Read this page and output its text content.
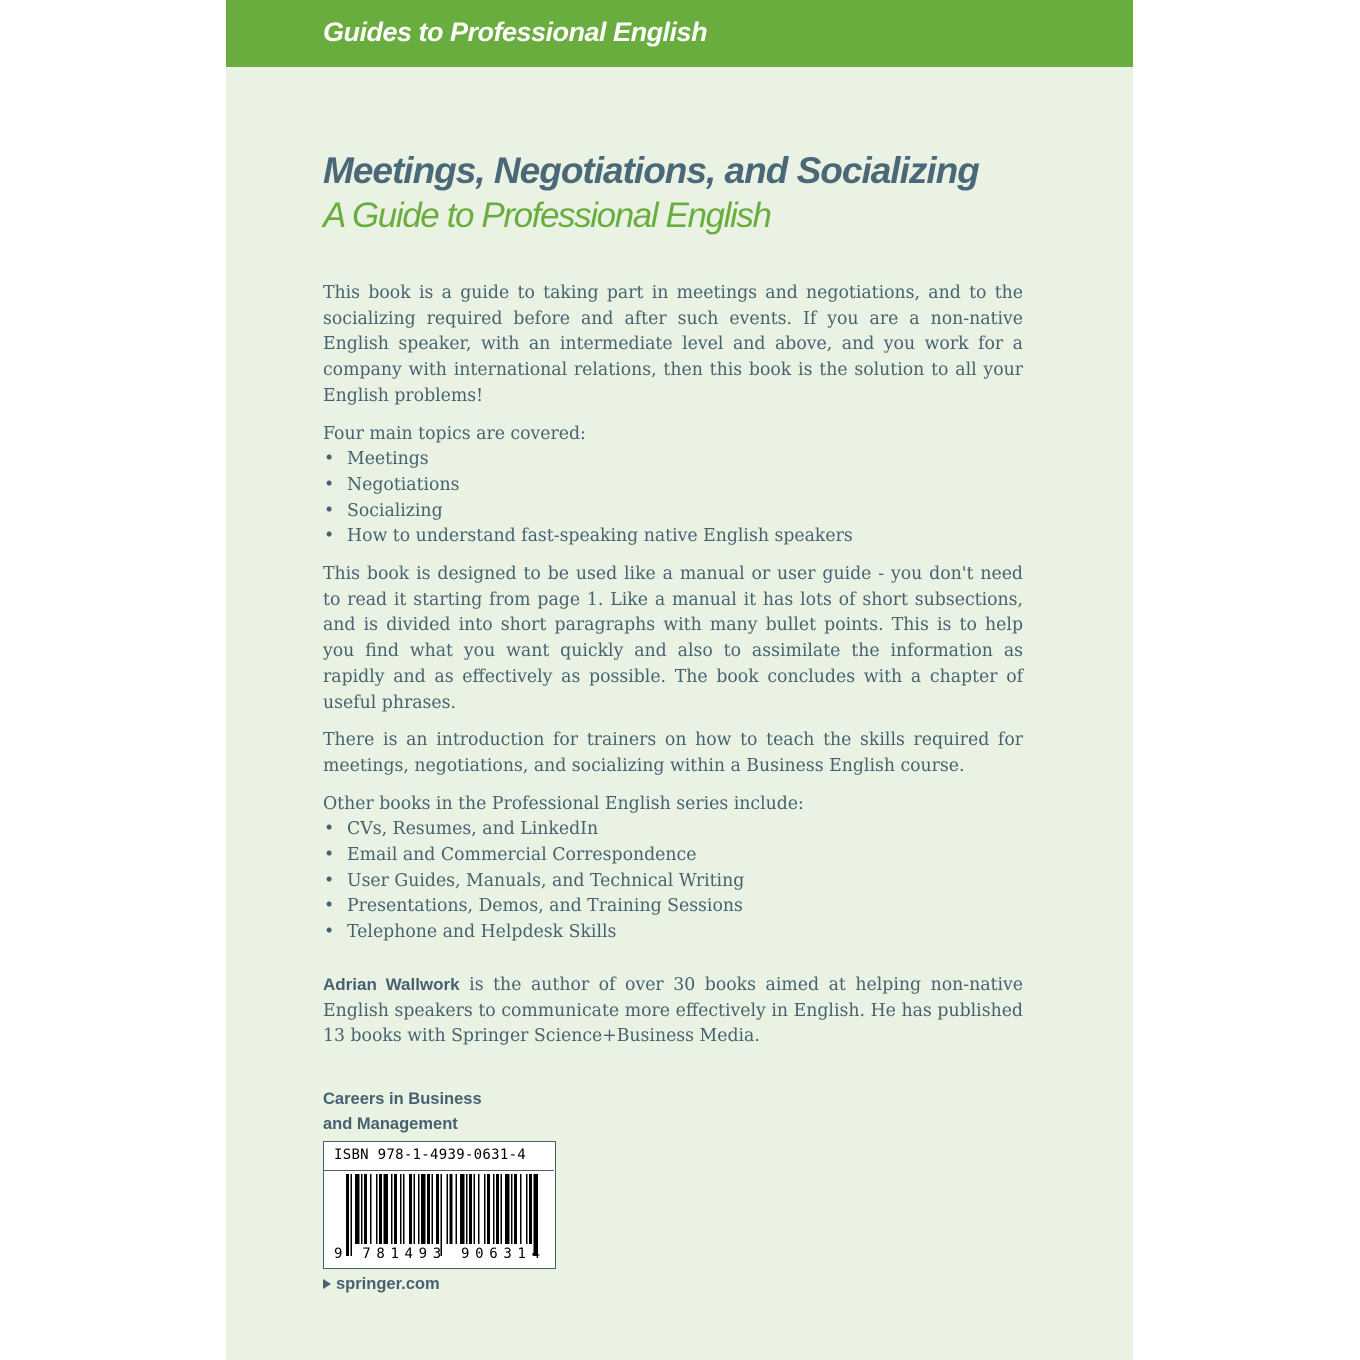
Guides to Professional English
Meetings, Negotiations, and Socializing
A Guide to Professional English

This book is a guide to taking part in meetings and negotiations, and to the socializing required before and after such events. If you are a non-native English speaker, with an intermediate level and above, and you work for a company with international relations, then this book is the solution to all your English problems!

Four main topics are covered:
• Meetings
• Negotiations
• Socializing
• How to understand fast-speaking native English speakers

This book is designed to be used like a manual or user guide - you don't need to read it starting from page 1. Like a manual it has lots of short subsections, and is divided into short paragraphs with many bullet points. This is to help you find what you want quickly and also to assimilate the information as rapidly and as effectively as possible. The book concludes with a chapter of useful phrases.

There is an introduction for trainers on how to teach the skills required for meetings, negotiations, and socializing within a Business English course.

Other books in the Professional English series include:
• CVs, Resumes, and LinkedIn
• Email and Commercial Correspondence
• User Guides, Manuals, and Technical Writing
• Presentations, Demos, and Training Sessions
• Telephone and Helpdesk Skills

Adrian Wallwork is the author of over 30 books aimed at helping non-native English speakers to communicate more effectively in English. He has published 13 books with Springer Science+Business Media.

Careers in Business
and Management
ISBN 978-1-4939-0631-4
9 781493 906314
springer.com
